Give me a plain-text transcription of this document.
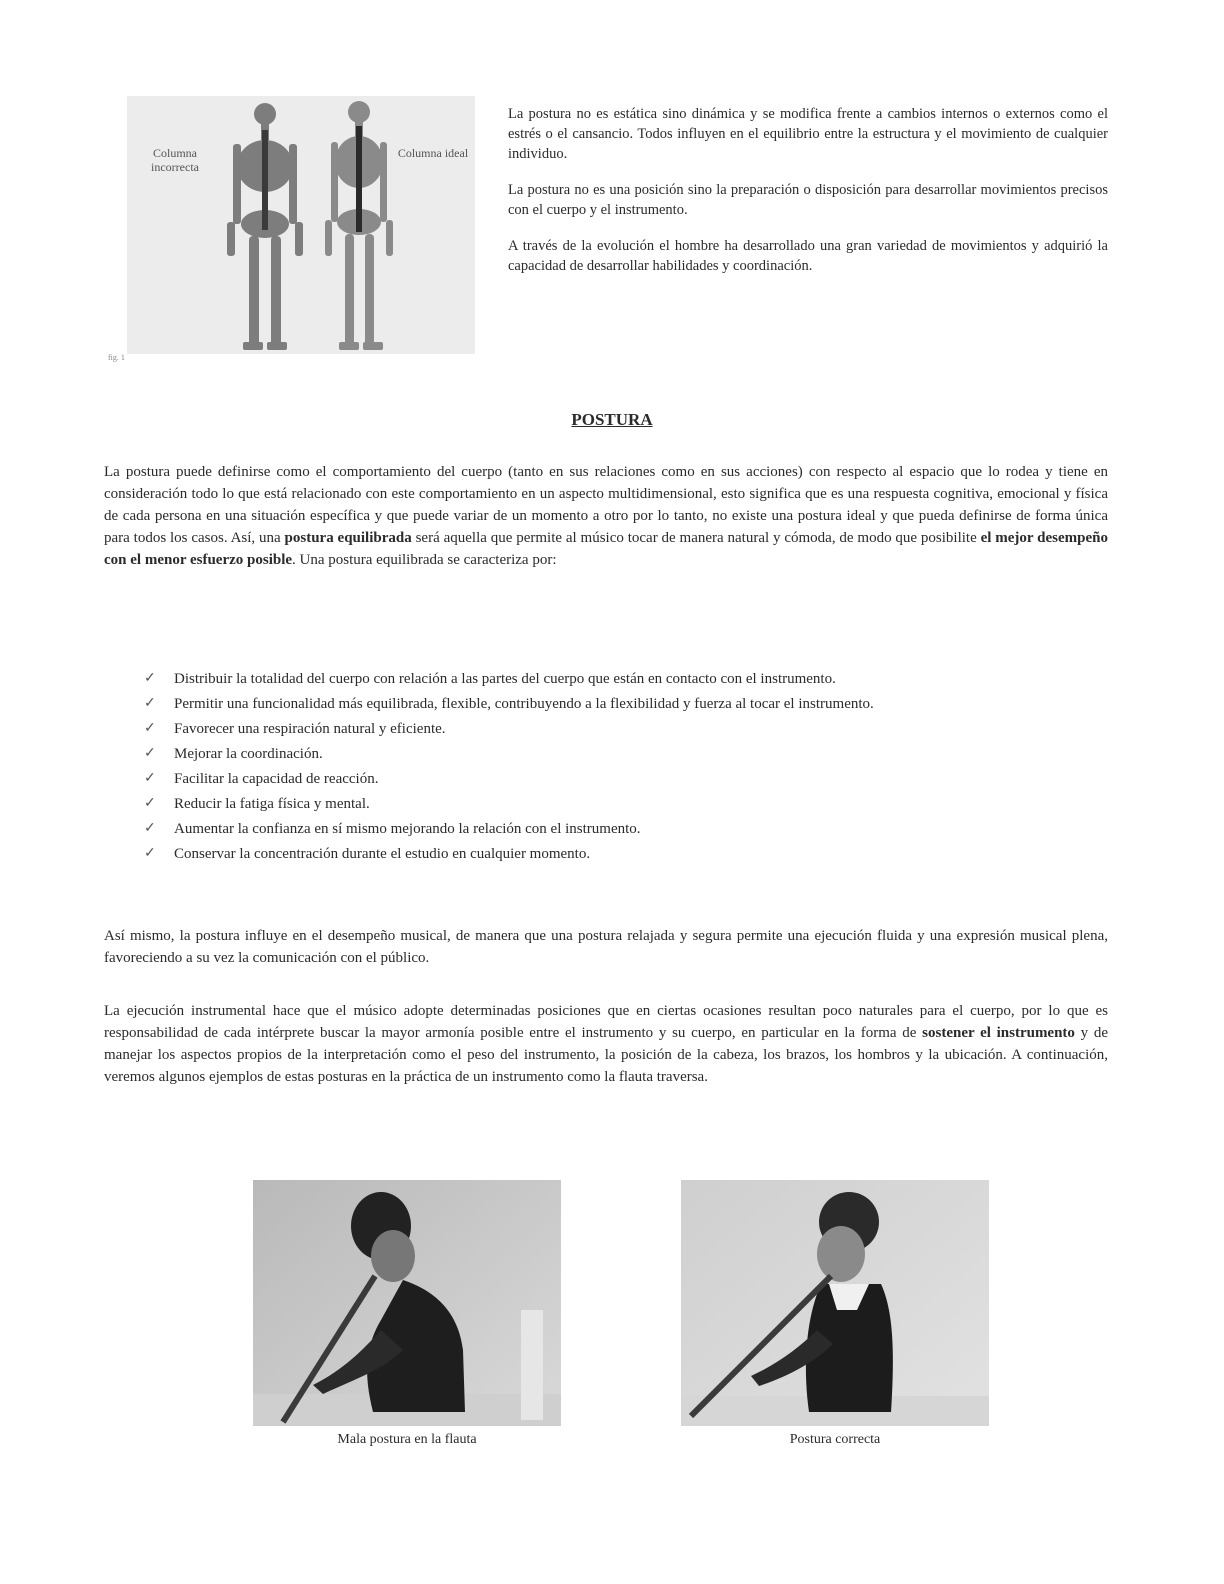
Columna incorrecta
Columna ideal
fig. 1

La postura no es estática sino dinámica y se modifica frente a cambios internos o externos como el estrés o el cansancio. Todos influyen en el equilibrio entre la estructura y el movimiento de cualquier individuo.

La postura no es una posición sino la preparación o disposición para desarrollar movimientos precisos con el cuerpo y el instrumento.

A través de la evolución el hombre ha desarrollado una gran variedad de movimientos y adquirió la capacidad de desarrollar habilidades y coordinación.

POSTURA

La postura puede definirse como el comportamiento del cuerpo (tanto en sus relaciones como en sus acciones) con respecto al espacio que lo rodea y tiene en consideración todo lo que está relacionado con este comportamiento en un aspecto multidimensional, esto significa que es una respuesta cognitiva, emocional y física de cada persona en una situación específica y que puede variar de un momento a otro por lo tanto, no existe una postura ideal y que pueda definirse de forma única para todos los casos. Así, una postura equilibrada será aquella que permite al músico tocar de manera natural y cómoda, de modo que posibilite el mejor desempeño con el menor esfuerzo posible. Una postura equilibrada se caracteriza por:

✓ Distribuir la totalidad del cuerpo con relación a las partes del cuerpo que están en contacto con el instrumento.
✓ Permitir una funcionalidad más equilibrada, flexible, contribuyendo a la flexibilidad y fuerza al tocar el instrumento.
✓ Favorecer una respiración natural y eficiente.
✓ Mejorar la coordinación.
✓ Facilitar la capacidad de reacción.
✓ Reducir la fatiga física y mental.
✓ Aumentar la confianza en sí mismo mejorando la relación con el instrumento.
✓ Conservar la concentración durante el estudio en cualquier momento.

Así mismo, la postura influye en el desempeño musical, de manera que una postura relajada y segura permite una ejecución fluida y una expresión musical plena, favoreciendo a su vez la comunicación con el público.

La ejecución instrumental hace que el músico adopte determinadas posiciones que en ciertas ocasiones resultan poco naturales para el cuerpo, por lo que es responsabilidad de cada intérprete buscar la mayor armonía posible entre el instrumento y su cuerpo, en particular en la forma de sostener el instrumento y de manejar los aspectos propios de la interpretación como el peso del instrumento, la posición de la cabeza, los brazos, los hombros y la ubicación. A continuación, veremos algunos ejemplos de estas posturas en la práctica de un instrumento como la flauta traversa.

Mala postura en la flauta	Postura correcta
